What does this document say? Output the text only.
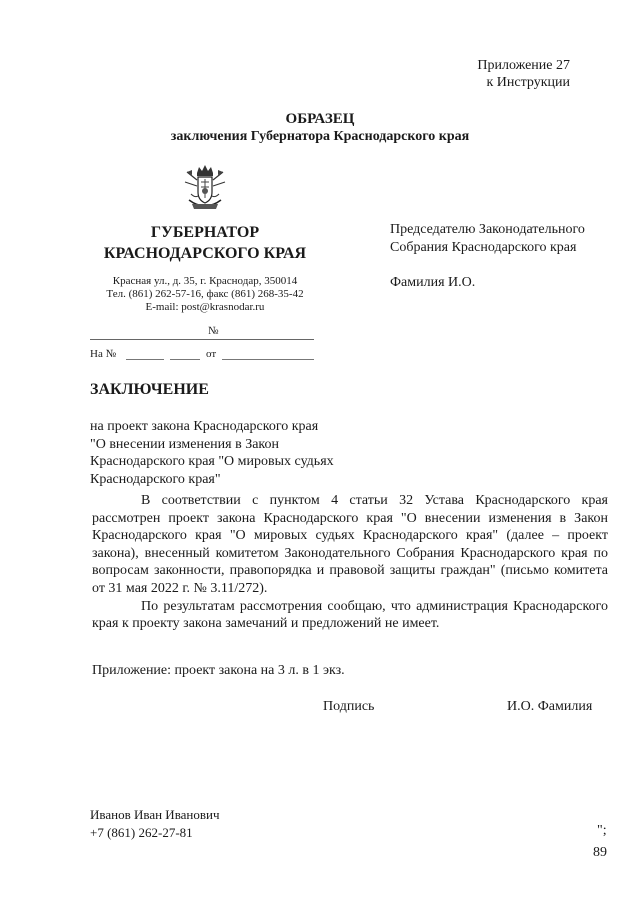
Приложение 27
к Инструкции
ОБРАЗЕЦ
заключения Губернатора Краснодарского края
ГУБЕРНАТОР
КРАСНОДАРСКОГО КРАЯ
Красная ул., д. 35, г. Краснодар, 350014
Тел. (861) 262-57-16, факс (861) 268-35-42
E-mail: post@krasnodar.ru
№
На №	от
Председателю Законодательного
Собрания Краснодарского края
Фамилия И.О.
ЗАКЛЮЧЕНИЕ
на проект закона Краснодарского края
"О внесении изменения в Закон
Краснодарского края "О мировых судьях
Краснодарского края"

В соответствии с пунктом 4 статьи 32 Устава Краснодарского края рассмотрен проект закона Краснодарского края "О внесении изменения в Закон Краснодарского края "О мировых судьях Краснодарского края" (далее – проект закона), внесенный комитетом Законодательного Собрания Краснодарского края по вопросам законности, правопорядка и правовой защиты граждан" (письмо комитета от 31 мая 2022 г. № 3.11/272).

По результатам рассмотрения сообщаю, что администрация Краснодарского края к проекту закона замечаний и предложений не имеет.

Приложение: проект закона на 3 л. в 1 экз.
Подпись	И.О. Фамилия
Иванов Иван Иванович
+7 (861) 262-27-81	";
89
